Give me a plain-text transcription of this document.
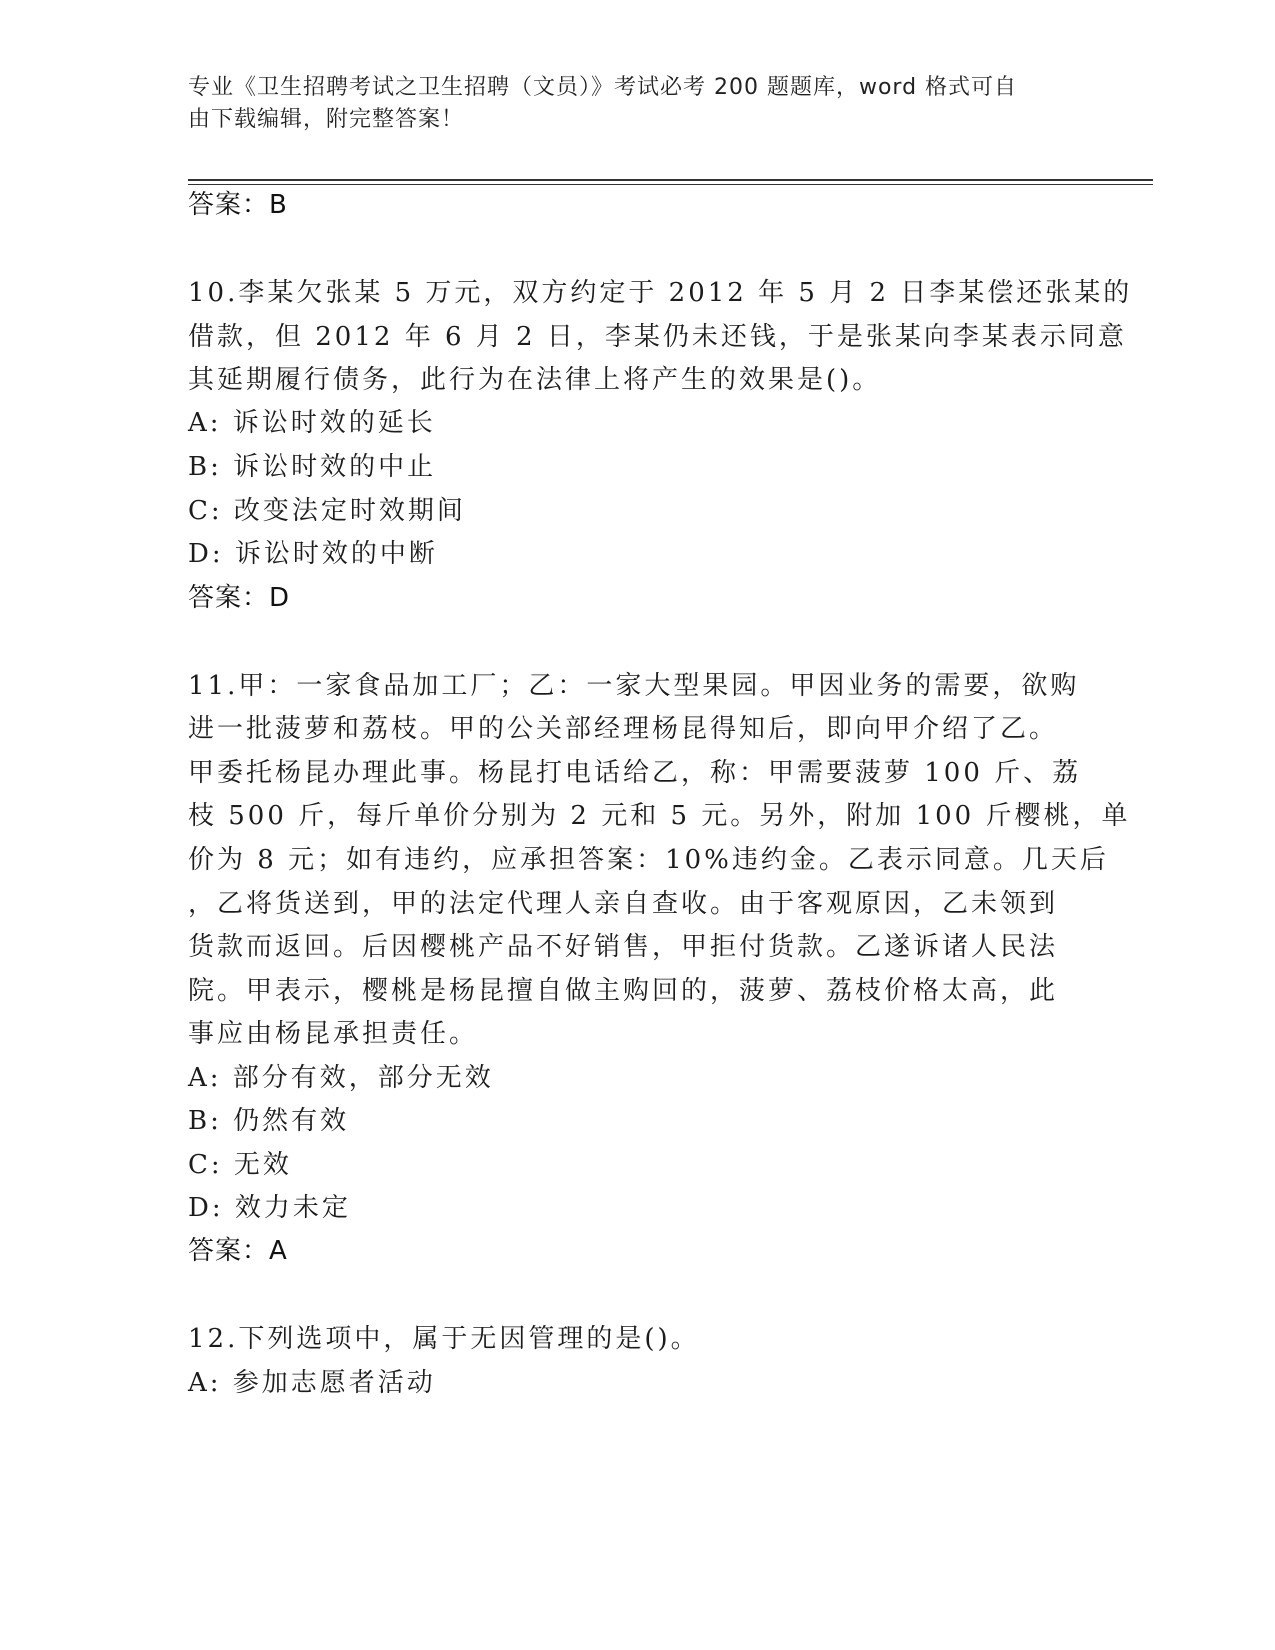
专业《卫生招聘考试之卫生招聘（文员）》考试必考 200 题题库，word 格式可自
由下载编辑，附完整答案！
答案：B
10.李某欠张某 5 万元，双方约定于 2012 年 5 月 2 日李某偿还张某的
借款，但 2012 年 6 月 2 日，李某仍未还钱，于是张某向李某表示同意
其延期履行债务，此行为在法律上将产生的效果是()。
A: 诉讼时效的延长
B: 诉讼时效的中止
C: 改变法定时效期间
D: 诉讼时效的中断
答案：D
11.甲：一家食品加工厂；乙：一家大型果园。甲因业务的需要，欲购
进一批菠萝和荔枝。甲的公关部经理杨昆得知后，即向甲介绍了乙。
甲委托杨昆办理此事。杨昆打电话给乙，称：甲需要菠萝 100 斤、荔
枝 500 斤，每斤单价分别为 2 元和 5 元。另外，附加 100 斤樱桃，单
价为 8 元；如有违约，应承担答案：10%违约金。乙表示同意。几天后
，乙将货送到，甲的法定代理人亲自查收。由于客观原因，乙未领到
货款而返回。后因樱桃产品不好销售，甲拒付货款。乙遂诉诸人民法
院。甲表示，樱桃是杨昆擅自做主购回的，菠萝、荔枝价格太高，此
事应由杨昆承担责任。
A: 部分有效，部分无效
B: 仍然有效
C: 无效
D: 效力未定
答案：A
12.下列选项中，属于无因管理的是()。
A: 参加志愿者活动
